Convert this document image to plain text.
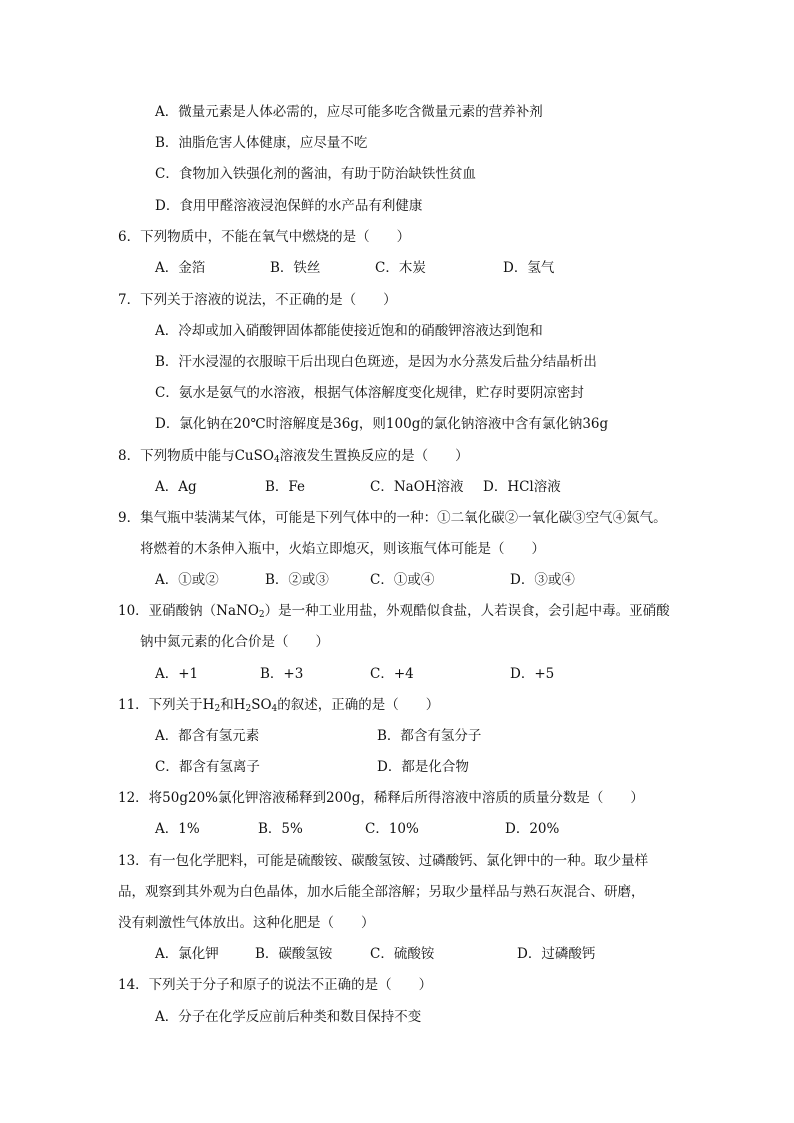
A．微量元素是人体必需的，应尽可能多吃含微量元素的营养补剂
B．油脂危害人体健康，应尽量不吃
C．食物加入铁强化剂的酱油，有助于防治缺铁性贫血
D．食用甲醛溶液浸泡保鲜的水产品有利健康
6．下列物质中，不能在氧气中燃烧的是（　　）
A．金箔	B．铁丝	C．木炭	D．氢气
7．下列关于溶液的说法，不正确的是（　　）
A．冷却或加入硝酸钾固体都能使接近饱和的硝酸钾溶液达到饱和
B．汗水浸湿的衣服晾干后出现白色斑迹，是因为水分蒸发后盐分结晶析出
C．氨水是氨气的水溶液，根据气体溶解度变化规律，贮存时要阴凉密封
D．氯化钠在20℃时溶解度是36g，则100g的氯化钠溶液中含有氯化钠36g
8．下列物质中能与CuSO$_4$溶液发生置换反应的是（　　）
A．Ag	B．Fe	C．NaOH溶液 D．HCl溶液
9．集气瓶中装满某气体，可能是下列气体中的一种：①二氧化碳②一氧化碳③空气④氮气。
将燃着的木条伸入瓶中，火焰立即熄灭，则该瓶气体可能是（　　）
A．①或②	B．②或③	C．①或④	D．③或④
10．亚硝酸钠（NaNO$_2$）是一种工业用盐，外观酷似食盐，人若误食，会引起中毒。亚硝酸
钠中氮元素的化合价是（　　）
A．+1	B．+3	C．+4	D．+5
11．下列关于$H_2$和$H_2SO_4$的叙述，正确的是（　　）
A．都含有氢元素	B．都含有氢分子
C．都含有氢离子	D．都是化合物
12．将50g20%氯化钾溶液稀释到200g，稀释后所得溶液中溶质的质量分数是（　　）
A．1%	B．5%	C．10%	D．20%
13．有一包化学肥料，可能是硫酸铵、碳酸氢铵、过磷酸钙、氯化钾中的一种。取少量样
品，观察到其外观为白色晶体，加水后能全部溶解；另取少量样品与熟石灰混合、研磨，
没有刺激性气体放出。这种化肥是（　　）
A．氯化钾	B．碳酸氢铵	C．硫酸铵	D．过磷酸钙
14．下列关于分子和原子的说法不正确的是（　　）
A．分子在化学反应前后种类和数目保持不变
